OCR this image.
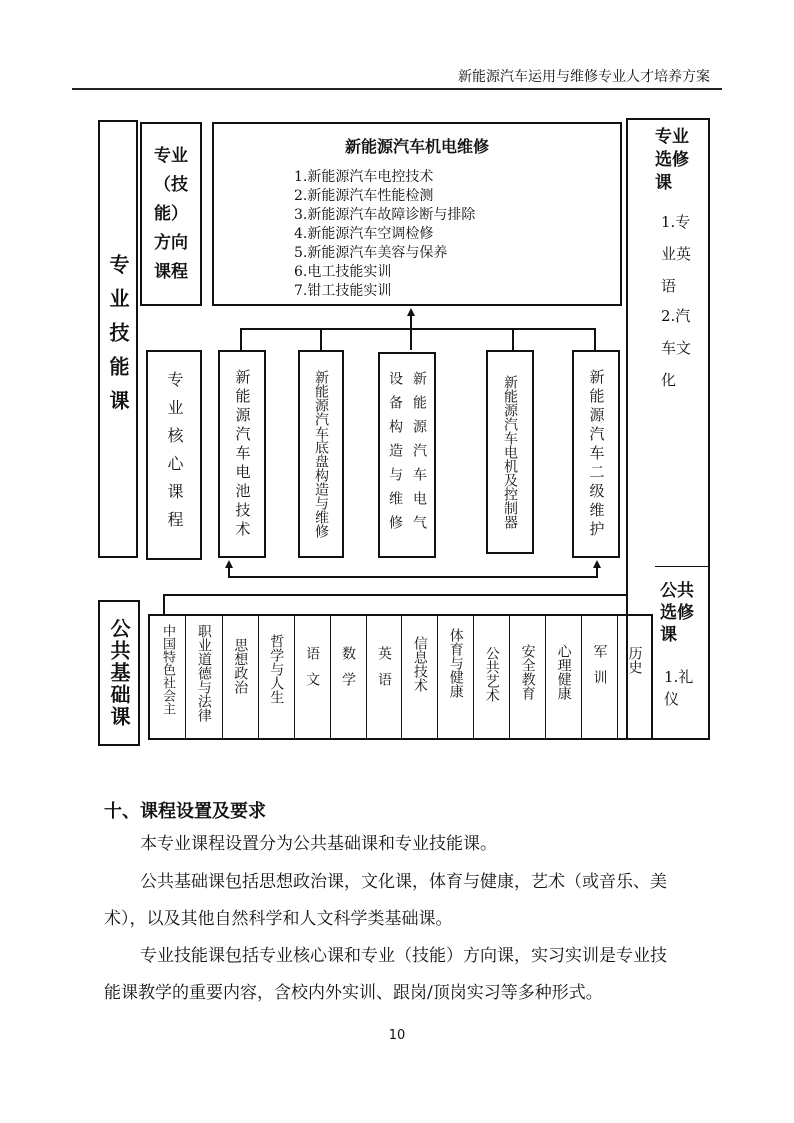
新能源汽车运用与维修专业人才培养方案
专业技能课
专业（技能）方向课程
新能源汽车机电维修
1.新能源汽车电控技术
2.新能源汽车性能检测
3.新能源汽车故障诊断与排除
4.新能源汽车空调检修
5.新能源汽车美容与保养
6.电工技能实训
7.钳工技能实训
专业选修课
1.专业英语
2.汽车文化
公共选修课
1.礼仪
专业核心课程	新能源汽车电池技术	新能源汽车底盘构造与维修	新能源汽车电气设备构造与维修	新能源汽车电机及控制器	新能源汽车二级维护
公共基础课 中国特色社会主 职业道德与法律 思想政治 哲学与人生 语文 数学 英语 信息技术 体育与健康 公共艺术 安全教育 心理健康 军训 历史
十、课程设置及要求
本专业课程设置分为公共基础课和专业技能课。
公共基础课包括思想政治课，文化课，体育与健康，艺术（或音乐、美
术），以及其他自然科学和人文科学类基础课。
专业技能课包括专业核心课和专业（技能）方向课，实习实训是专业技
能课教学的重要内容，含校内外实训、跟岗/顶岗实习等多种形式。
10
